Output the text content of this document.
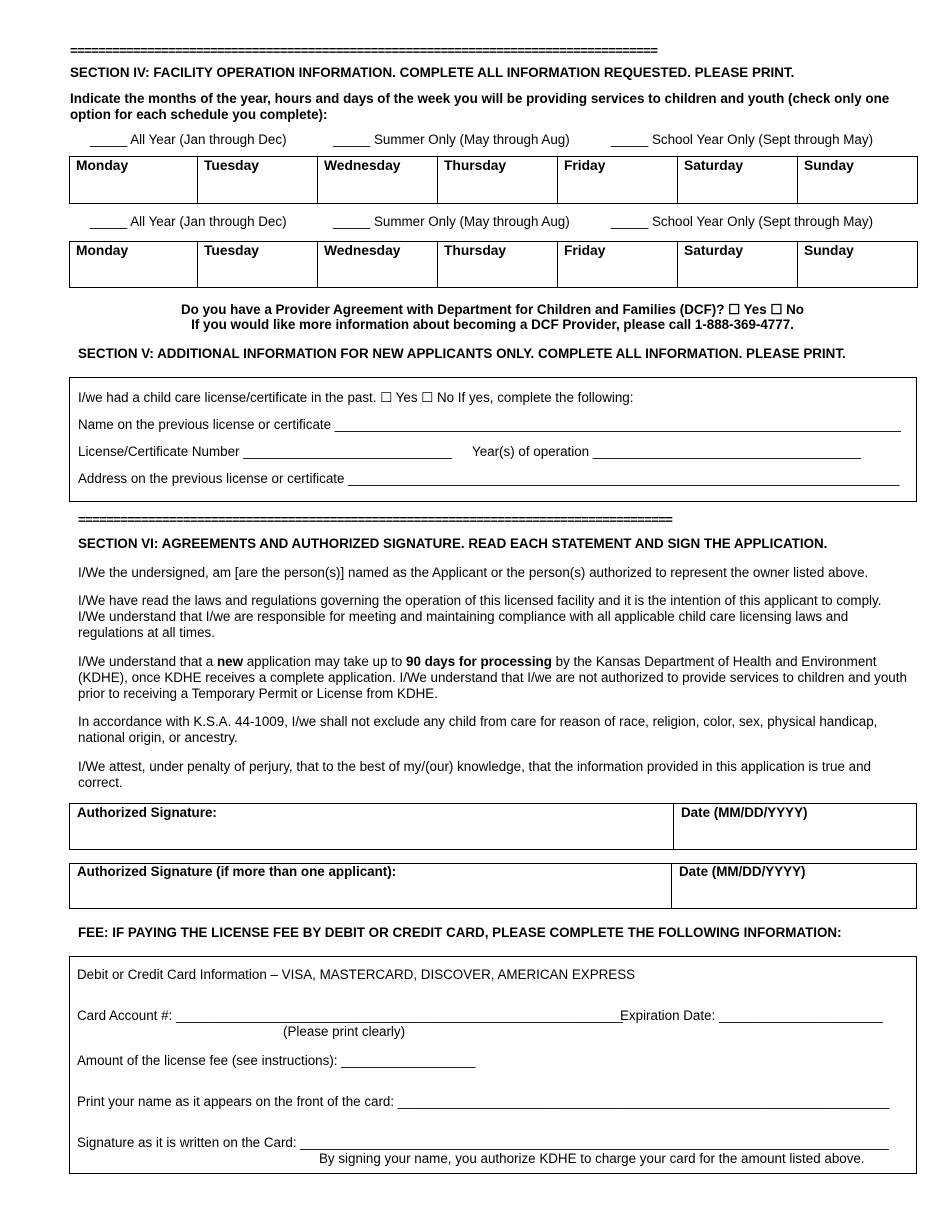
====================================================================================
SECTION IV: FACILITY OPERATION INFORMATION. COMPLETE ALL INFORMATION REQUESTED. PLEASE PRINT.
Indicate the months of the year, hours and days of the week you will be providing services to children and youth (check only one option for each schedule you complete):
_____ All Year (Jan through Dec)	_____ Summer Only (May through Aug)	_____ School Year Only (Sept through May)
Monday	Tuesday	Wednesday	Thursday	Friday	Saturday	Sunday
_____ All Year (Jan through Dec)	_____ Summer Only (May through Aug)	_____ School Year Only (Sept through May)
Monday	Tuesday	Wednesday	Thursday	Friday	Saturday	Sunday
Do you have a Provider Agreement with Department for Children and Families (DCF)? ☐ Yes ☐ No
If you would like more information about becoming a DCF Provider, please call 1-888-369-4777.
SECTION V: ADDITIONAL INFORMATION FOR NEW APPLICANTS ONLY. COMPLETE ALL INFORMATION. PLEASE PRINT.
I/we had a child care license/certificate in the past. ☐ Yes ☐ No If yes, complete the following:
Name on the previous license or certificate ____________________________________________________________________________
License/Certificate Number ____________________________ Year(s) of operation ____________________________________
Address on the previous license or certificate __________________________________________________________________________
=====================================================================================
SECTION VI: AGREEMENTS AND AUTHORIZED SIGNATURE. READ EACH STATEMENT AND SIGN THE APPLICATION.
I/We the undersigned, am [are the person(s)] named as the Applicant or the person(s) authorized to represent the owner listed above.
I/We have read the laws and regulations governing the operation of this licensed facility and it is the intention of this applicant to comply. I/We understand that I/we are responsible for meeting and maintaining compliance with all applicable child care licensing laws and regulations at all times.
I/We understand that a new application may take up to 90 days for processing by the Kansas Department of Health and Environment (KDHE), once KDHE receives a complete application. I/We understand that I/we are not authorized to provide services to children and youth prior to receiving a Temporary Permit or License from KDHE.
In accordance with K.S.A. 44-1009, I/we shall not exclude any child from care for reason of race, religion, color, sex, physical handicap, national origin, or ancestry.
I/We attest, under penalty of perjury, that to the best of my/(our) knowledge, that the information provided in this application is true and correct.
Authorized Signature:	Date (MM/DD/YYYY)
Authorized Signature (if more than one applicant):	Date (MM/DD/YYYY)
FEE: IF PAYING THE LICENSE FEE BY DEBIT OR CREDIT CARD, PLEASE COMPLETE THE FOLLOWING INFORMATION:
Debit or Credit Card Information – VISA, MASTERCARD, DISCOVER, AMERICAN EXPRESS
Card Account #: ____________________________________________________________
(Please print clearly)
Expiration Date: ______________________
Amount of the license fee (see instructions): __________________
Print your name as it appears on the front of the card: __________________________________________________________________
Signature as it is written on the Card: _______________________________________________________________________________
By signing your name, you authorize KDHE to charge your card for the amount listed above.
